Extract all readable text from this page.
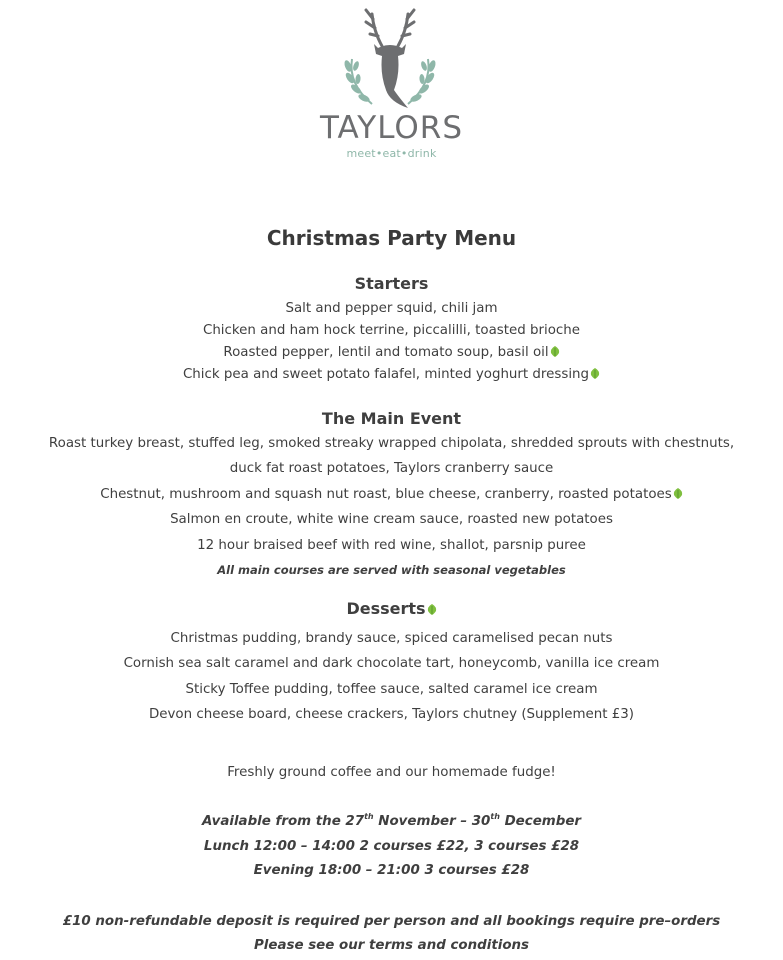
TAYLORS
meet•eat•drink
Christmas Party Menu
Starters
Salt and pepper squid, chili jam
Chicken and ham hock terrine, piccalilli, toasted brioche
Roasted pepper, lentil and tomato soup, basil oil
Chick pea and sweet potato falafel, minted yoghurt dressing
The Main Event
Roast turkey breast, stuffed leg, smoked streaky wrapped chipolata, shredded sprouts with chestnuts,
duck fat roast potatoes, Taylors cranberry sauce
Chestnut, mushroom and squash nut roast, blue cheese, cranberry, roasted potatoes
Salmon en croute, white wine cream sauce, roasted new potatoes
12 hour braised beef with red wine, shallot, parsnip puree
All main courses are served with seasonal vegetables
Desserts
Christmas pudding, brandy sauce, spiced caramelised pecan nuts
Cornish sea salt caramel and dark chocolate tart, honeycomb, vanilla ice cream
Sticky Toffee pudding, toffee sauce, salted caramel ice cream
Devon cheese board, cheese crackers, Taylors chutney (Supplement £3)
Freshly ground coffee and our homemade fudge!
Available from the 27th November – 30th December
Lunch 12:00 – 14:00 2 courses £22, 3 courses £28
Evening 18:00 – 21:00 3 courses £28
£10 non-refundable deposit is required per person and all bookings require pre–orders
Please see our terms and conditions
